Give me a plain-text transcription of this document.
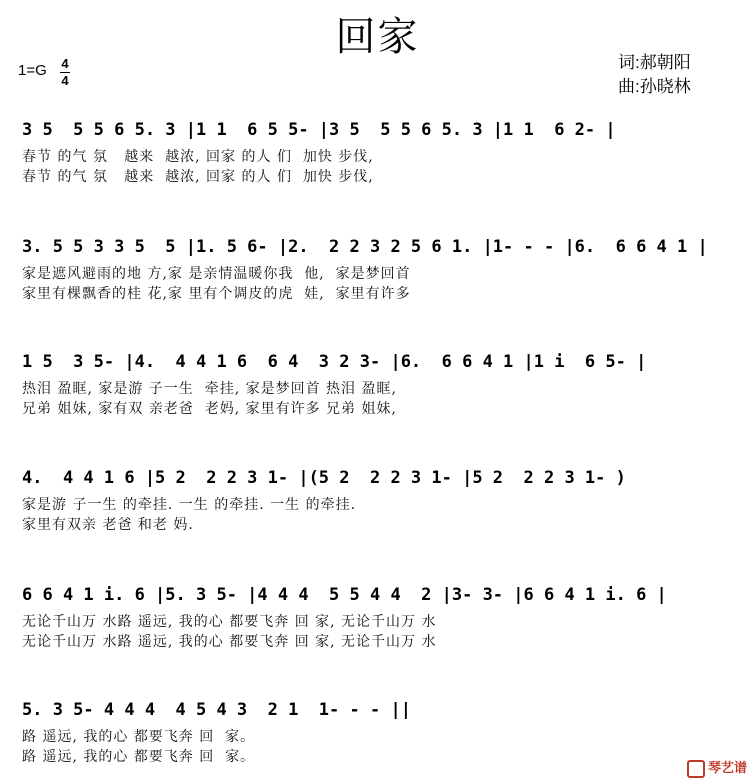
回家
1=G 4
4
词:郝朝阳
曲:孙晓林
3 5  5 5 6 5. 3 |1 1  6 5 5- |3 5  5 5 6 5. 3 |1 1  6 2- |
春节 的气 氛   越来  越浓, 回家 的人 们  加快 步伐,
春节 的气 氛   越来  越浓, 回家 的人 们  加快 步伐,
3. 5 5 3 3 5  5 |1. 5 6- |2.  2 2 3 2 5 6 1. |1- - - |6.  6 6 4 1 |
家是遮风避雨的地 方,家 是亲情温暖你我  他,  家是梦回首
家里有棵飘香的桂 花,家 里有个调皮的虎  娃,  家里有许多
1 5  3 5- |4.  4 4 1 6  6 4  3 2 3- |6.  6 6 4 1 |1 i  6 5- |
热泪 盈眶, 家是游 子一生  牵挂, 家是梦回首 热泪 盈眶,
兄弟 姐妹, 家有双 亲老爸  老妈, 家里有许多 兄弟 姐妹,
4.  4 4 1 6 |5 2  2 2 3 1- |(5 2  2 2 3 1- |5 2  2 2 3 1- )
家是游 子一生 的牵挂. 一生 的牵挂. 一生 的牵挂.
家里有双亲 老爸 和老 妈.
6 6 4 1 i. 6 |5. 3 5- |4 4 4  5 5 4 4  2 |3- 3- |6 6 4 1 i. 6 |
无论千山万 水路 遥远, 我的心 都要飞奔 回 家, 无论千山万 水
无论千山万 水路 遥远, 我的心 都要飞奔 回 家, 无论千山万 水
5. 3 5- 4 4 4  4 5 4 3  2 1  1- - - ||
路 遥远, 我的心 都要飞奔 回  家。
路 遥远, 我的心 都要飞奔 回  家。
琴艺谱
